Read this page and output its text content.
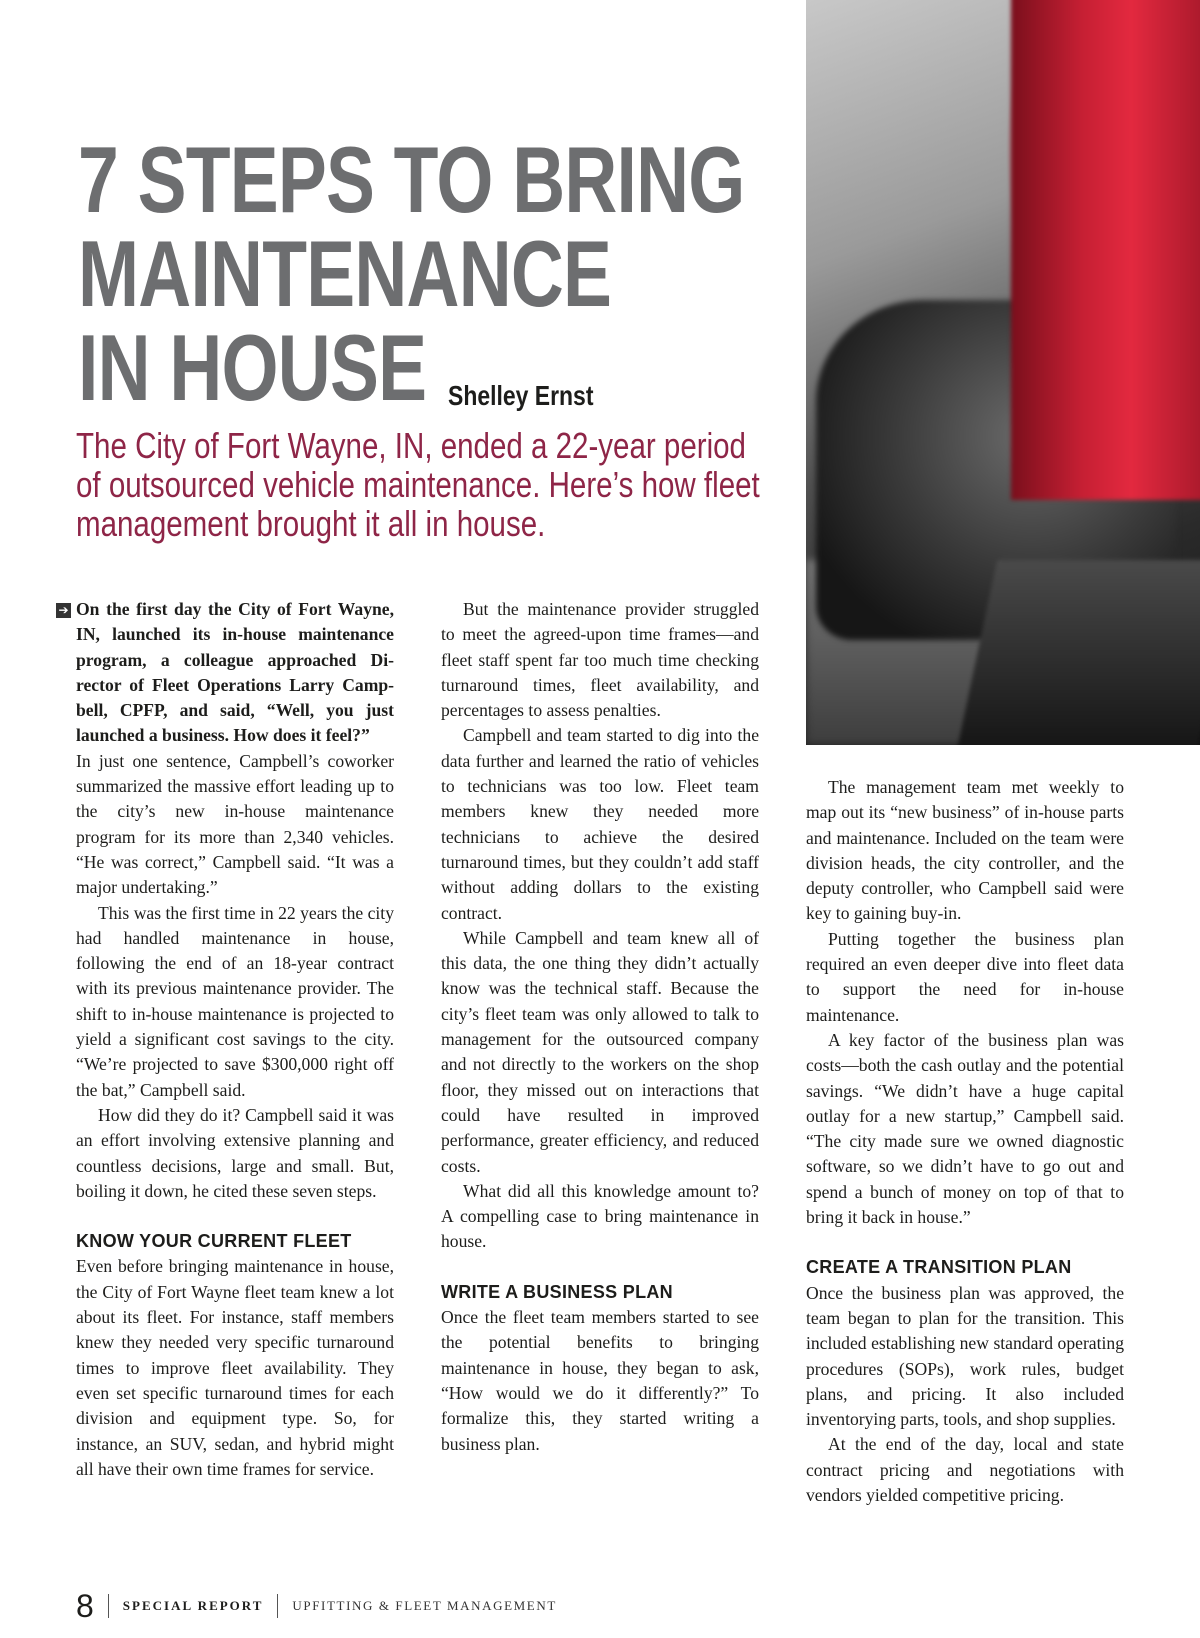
7 STEPS TO BRING
MAINTENANCE
IN HOUSE Shelley Ernst
The City of Fort Wayne, IN, ended a 22-year period
of outsourced vehicle maintenance. Here’s how fleet
management brought it all in house.

➔ On the first day the City of Fort Wayne, IN, launched its in-house maintenance program, a colleague approached Director of Fleet Operations Larry Campbell, CPFP, and said, “Well, you just launched a business. How does it feel?”

In just one sentence, Campbell’s coworker summarized the massive effort leading up to the city’s new in-house maintenance program for its more than 2,340 vehicles. “He was correct,” Campbell said. “It was a major undertaking.”

This was the first time in 22 years the city had handled maintenance in house, following the end of an 18-year contract with its previous maintenance provider. The shift to in-house maintenance is projected to yield a significant cost savings to the city. “We’re projected to save $300,000 right off the bat,” Campbell said.

How did they do it? Campbell said it was an effort involving extensive planning and countless decisions, large and small. But, boiling it down, he cited these seven steps.

KNOW YOUR CURRENT FLEET

Even before bringing maintenance in house, the City of Fort Wayne fleet team knew a lot about its fleet. For instance, staff members knew they needed very specific turnaround times to improve fleet availability. They even set specific turnaround times for each division and equipment type. So, for instance, an SUV, sedan, and hybrid might all have their own time frames for service.

But the maintenance provider struggled to meet the agreed-upon time frames—and fleet staff spent far too much time checking turnaround times, fleet availability, and percentages to assess penalties.

Campbell and team started to dig into the data further and learned the ratio of vehicles to technicians was too low. Fleet team members knew they needed more technicians to achieve the desired turnaround times, but they couldn’t add staff without adding dollars to the existing contract.

While Campbell and team knew all of this data, the one thing they didn’t actually know was the technical staff. Because the city’s fleet team was only allowed to talk to management for the outsourced company and not directly to the workers on the shop floor, they missed out on interactions that could have resulted in improved performance, greater efficiency, and reduced costs.

What did all this knowledge amount to? A compelling case to bring maintenance in house.

WRITE A BUSINESS PLAN

Once the fleet team members started to see the potential benefits to bringing maintenance in house, they began to ask, “How would we do it differently?” To formalize this, they started writing a business plan.

The management team met weekly to map out its “new business” of in-house parts and maintenance. Included on the team were division heads, the city controller, and the deputy controller, who Campbell said were key to gaining buy-in.

Putting together the business plan required an even deeper dive into fleet data to support the need for in-house maintenance.

A key factor of the business plan was costs—both the cash outlay and the potential savings. “We didn’t have a huge capital outlay for a new startup,” Campbell said. “The city made sure we owned diagnostic software, so we didn’t have to go out and spend a bunch of money on top of that to bring it back in house.”

CREATE A TRANSITION PLAN

Once the business plan was approved, the team began to plan for the transition. This included establishing new standard operating procedures (SOPs), work rules, budget plans, and pricing. It also included inventorying parts, tools, and shop supplies.

At the end of the day, local and state contract pricing and negotiations with vendors yielded competitive pricing.

8 SPECIAL REPORT UPFITTING & FLEET MANAGEMENT
